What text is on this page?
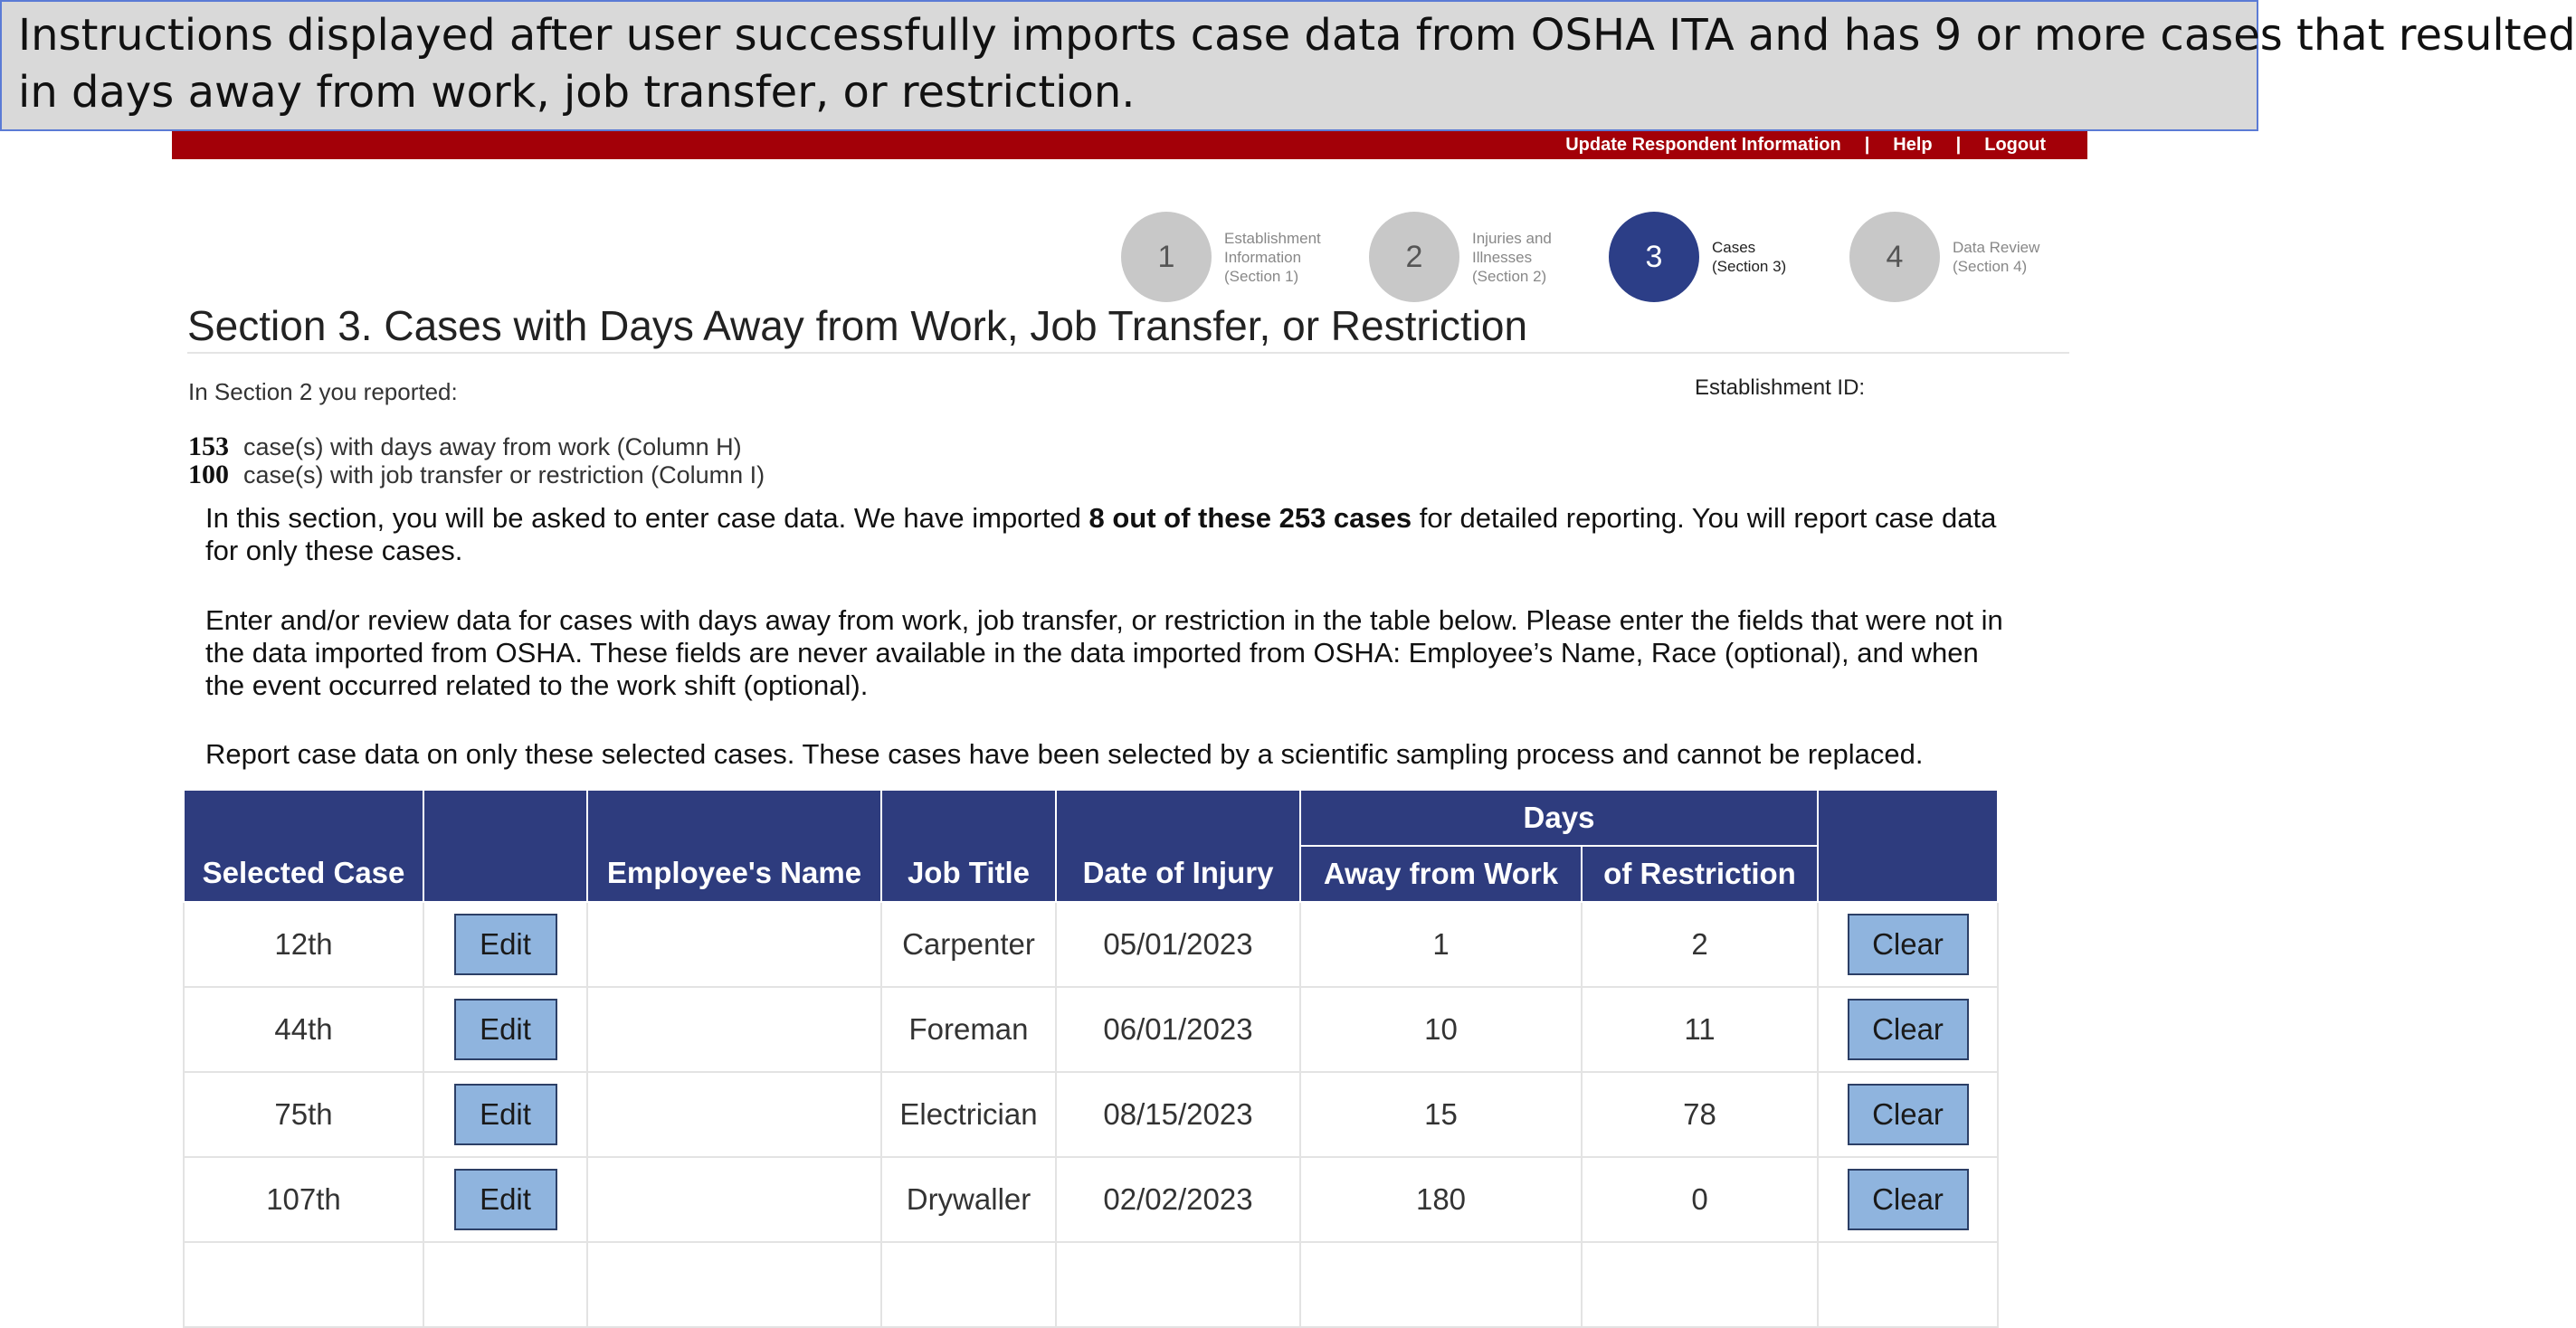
Instructions displayed after user successfully imports case data from OSHA ITA and has 9 or more cases that resulted
in days away from work, job transfer, or restriction.
Update Respondent Information | Help | Logout
1
Establishment
Information
(Section 1)
2
Injuries and
Illnesses
(Section 2)
3	Cases
(Section 3)	4	Data Review
(Section 4)
Section 3. Cases with Days Away from Work, Job Transfer, or Restriction
In Section 2 you reported:	Establishment ID:
153 case(s) with days away from work (Column H)
100 case(s) with job transfer or restriction (Column I)
In this section, you will be asked to enter case data. We have imported 8 out of these 253 cases for detailed reporting. You will report case data for only these cases.
Enter and/or review data for cases with days away from work, job transfer, or restriction in the table below. Please enter the fields that were not in the data imported from OSHA. These fields are never available in the data imported from OSHA: Employee’s Name, Race (optional), and when the event occurred related to the work shift (optional).
Report case data on only these selected cases. These cases have been selected by a scientific sampling process and cannot be replaced.
Selected Case		Employee's Name	Job Title	Date of Injury	Days		
					Away from Work	of Restriction	
12th	Edit		Carpenter	05/01/2023	1	2	Clear
44th	Edit		Foreman	06/01/2023	10	11	Clear
75th	Edit		Electrician	08/15/2023	15	78	Clear
107th	Edit		Drywaller	02/02/2023	180	0	Clear
